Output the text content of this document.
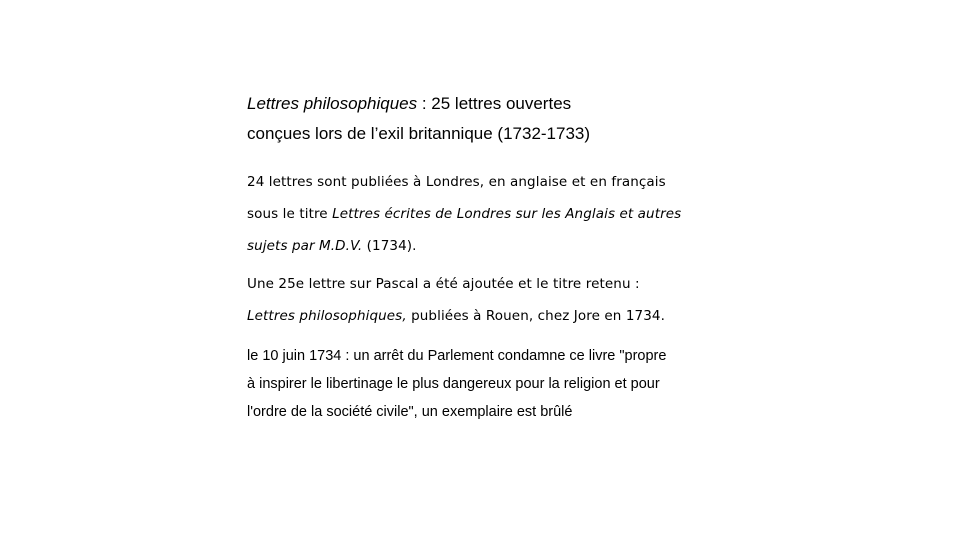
Lettres philosophiques : 25 lettres ouvertes
conçues lors de l’exil britannique (1732-1733)
24 lettres sont publiées à Londres, en anglaise et en français
sous le titre Lettres écrites de Londres sur les Anglais et autres
sujets par M.D.V. (1734).
Une 25e lettre sur Pascal a été ajoutée et le titre retenu :
Lettres philosophiques, publiées à Rouen, chez Jore en 1734.
le 10 juin 1734 : un arrêt du Parlement condamne ce livre "propre
à inspirer le libertinage le plus dangereux pour la religion et pour
l'ordre de la société civile", un exemplaire est brûlé
